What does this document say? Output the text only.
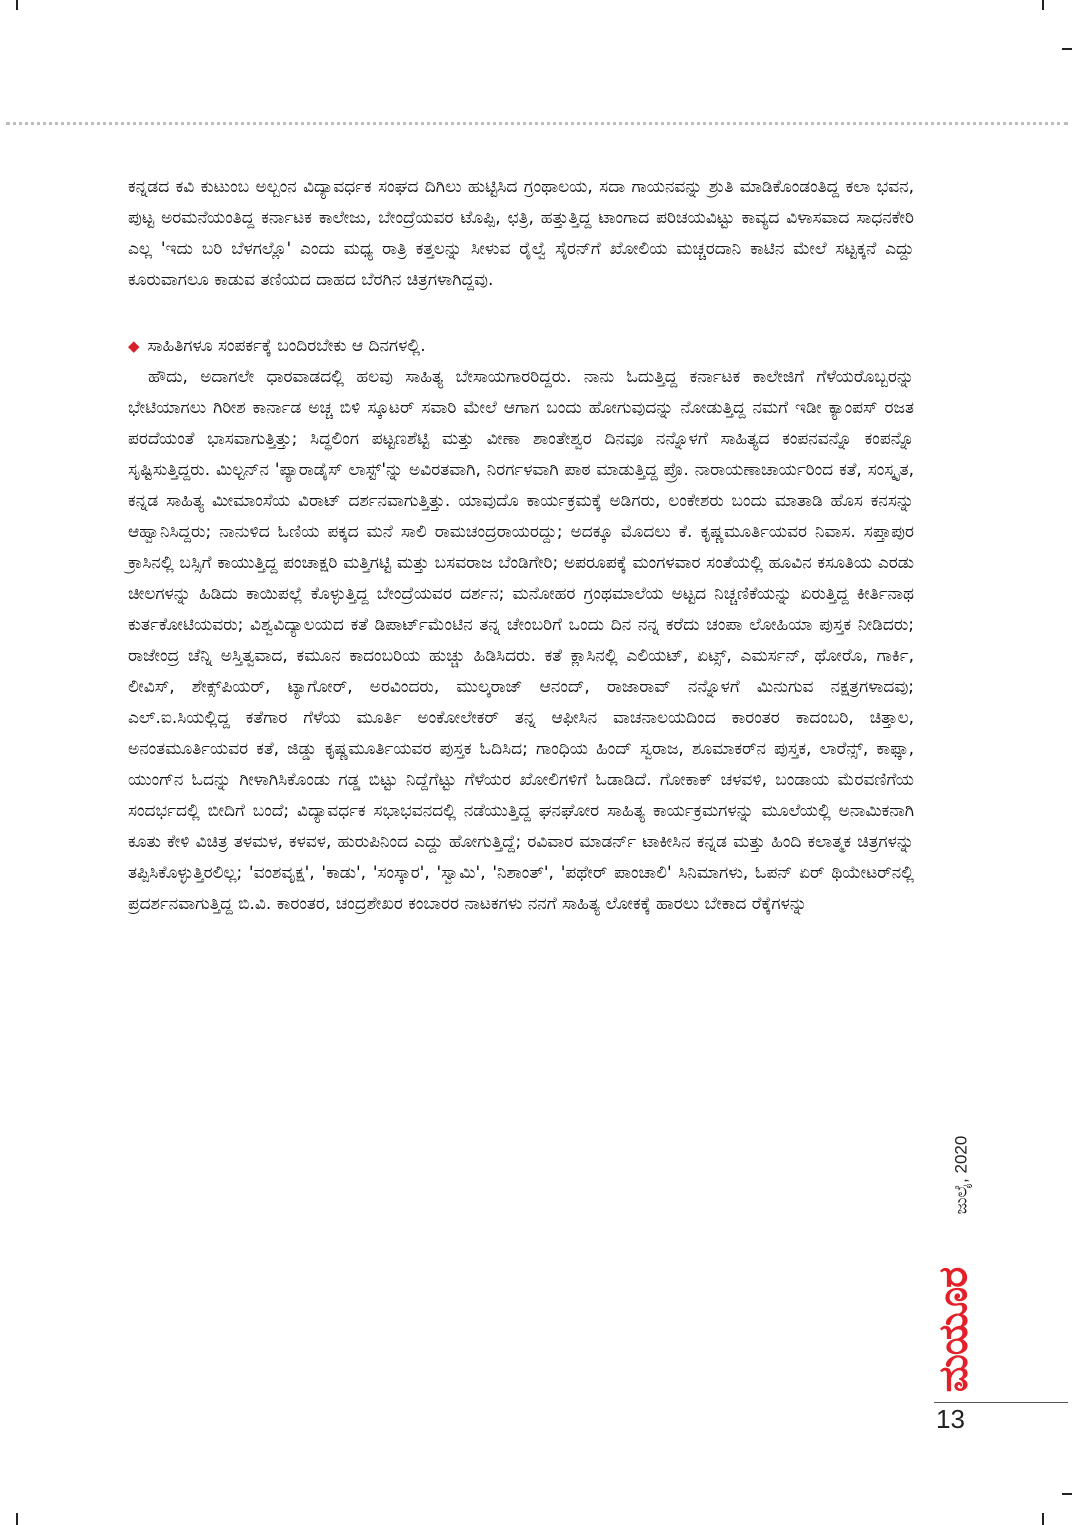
ಕನ್ನಡದ ಕವಿ ಕುಟುಂಬ ಅಲ್ಬಂನ ವಿದ್ಯಾವರ್ಧಕ ಸಂಘದ ದಿಗಿಲು ಹುಟ್ಟಿಸಿದ ಗ್ರಂಥಾಲಯ, ಸದಾ ಗಾಯನವನ್ನು ಶ್ರುತಿ ಮಾಡಿಕೊಂಡಂತಿದ್ದ ಕಲಾ ಭವನ, ಪುಟ್ಟ ಅರಮನೆಯಂತಿದ್ದ ಕರ್ನಾಟಕ ಕಾಲೇಜು, ಬೇಂದ್ರೆಯವರ ಟೊಪ್ಪಿ, ಛತ್ರಿ, ಹತ್ತುತ್ತಿದ್ದ ಟಾಂಗಾದ ಪರಿಚಯವಿಟ್ಟು ಕಾವ್ಯದ ವಿಳಾಸವಾದ ಸಾಧನಕೇರಿ ಎಲ್ಲ 'ಇದು ಬರಿ ಬೆಳಗಲ್ಲೊ' ಎಂದು ಮಧ್ಯ ರಾತ್ರಿ ಕತ್ತಲನ್ನು ಸೀಳುವ ರೈಲ್ವೆ ಸೈರನ್‌ಗೆ ಖೋಲಿಯ ಮಚ್ಚರದಾನಿ ಕಾಟಿನ ಮೇಲೆ ಸಟ್ಟಕ್ಕನೆ ಎದ್ದು ಕೂರುವಾಗಲೂ ಕಾಡುವ ತಣಿಯದ ದಾಹದ ಬೆರಗಿನ ಚಿತ್ರಗಳಾಗಿದ್ದವು.

◆ ಸಾಹಿತಿಗಳೂ ಸಂಪರ್ಕಕ್ಕೆ ಬಂದಿರಬೇಕು ಆ ದಿನಗಳಲ್ಲಿ.

ಹೌದು, ಅದಾಗಲೇ ಧಾರವಾಡದಲ್ಲಿ ಹಲವು ಸಾಹಿತ್ಯ ಬೇಸಾಯಗಾರರಿದ್ದರು. ನಾನು ಓದುತ್ತಿದ್ದ ಕರ್ನಾಟಕ ಕಾಲೇಜಿಗೆ ಗೆಳೆಯರೊಬ್ಬರನ್ನು ಭೇಟಿಯಾಗಲು ಗಿರೀಶ ಕಾರ್ನಾಡ ಅಚ್ಚ ಬಿಳಿ ಸ್ಕೂಟರ್ ಸವಾರಿ ಮೇಲೆ ಆಗಾಗ ಬಂದು ಹೋಗುವುದನ್ನು ನೋಡುತ್ತಿದ್ದ ನಮಗೆ ಇಡೀ ಕ್ಯಾಂಪಸ್ ರಜತ ಪರದೆಯಂತೆ ಭಾಸವಾಗುತ್ತಿತ್ತು; ಸಿದ್ಧಲಿಂಗ ಪಟ್ಟಣಶೆಟ್ಟಿ ಮತ್ತು ವೀಣಾ ಶಾಂತೇಶ್ವರ ದಿನವೂ ನನ್ನೊಳಗೆ ಸಾಹಿತ್ಯದ ಕಂಪನವನ್ನೊ ಕಂಪನ್ನೊ ಸೃಷ್ಟಿಸುತ್ತಿದ್ದರು. ಮಿಲ್ಟನ್‌ನ 'ಪ್ಯಾರಾಡೈಸ್ ಲಾಸ್ಟ್'ನ್ನು ಅವಿರತವಾಗಿ, ನಿರರ್ಗಳವಾಗಿ ಪಾಠ ಮಾಡುತ್ತಿದ್ದ ಪ್ರೊ. ನಾರಾಯಣಾಚಾರ್ಯರಿಂದ ಕತೆ, ಸಂಸ್ಕೃತ, ಕನ್ನಡ ಸಾಹಿತ್ಯ ಮೀಮಾಂಸೆಯ ವಿರಾಟ್ ದರ್ಶನವಾಗುತ್ತಿತ್ತು. ಯಾವುದೊ ಕಾರ್ಯಕ್ರಮಕ್ಕೆ ಅಡಿಗರು, ಲಂಕೇಶರು ಬಂದು ಮಾತಾಡಿ ಹೊಸ ಕನಸನ್ನು ಆಹ್ವಾನಿಸಿದ್ದರು; ನಾನುಳಿದ ಓಣಿಯ ಪಕ್ಕದ ಮನೆ ಸಾಲಿ ರಾಮಚಂದ್ರರಾಯರದ್ದು; ಅದಕ್ಕೂ ಮೊದಲು ಕೆ. ಕೃಷ್ಣಮೂರ್ತಿಯವರ ನಿವಾಸ. ಸಪ್ತಾಪುರ ಕ್ರಾಸಿನಲ್ಲಿ ಬಸ್ಸಿಗೆ ಕಾಯುತ್ತಿದ್ದ ಪಂಚಾಕ್ಷರಿ ಮತ್ತಿಗಟ್ಟಿ ಮತ್ತು ಬಸವರಾಜ ಬೆಂಡಿಗೇರಿ; ಅಪರೂಪಕ್ಕೆ ಮಂಗಳವಾರ ಸಂತೆಯಲ್ಲಿ ಹೂವಿನ ಕಸೂತಿಯ ಎರಡು ಚೀಲಗಳನ್ನು ಹಿಡಿದು ಕಾಯಿಪಲ್ಲೆ ಕೊಳ್ಳುತ್ತಿದ್ದ ಬೇಂದ್ರೆಯವರ ದರ್ಶನ; ಮನೋಹರ ಗ್ರಂಥಮಾಲೆಯ ಅಟ್ಟದ ನಿಚ್ಚಣಿಕೆಯನ್ನು ಏರುತ್ತಿದ್ದ ಕೀರ್ತಿನಾಥ ಕುರ್ತಕೋಟಿಯವರು; ವಿಶ್ವವಿದ್ಯಾಲಯದ ಕತೆ ಡಿಪಾರ್ಟ್‌ಮೆಂಟಿನ ತನ್ನ ಚೇಂಬರಿಗೆ ಒಂದು ದಿನ ನನ್ನ ಕರೆದು ಚಂಪಾ ಲೋಹಿಯಾ ಪುಸ್ತಕ ನೀಡಿದರು; ರಾಜೇಂದ್ರ ಚೆನ್ನಿ ಅಸ್ತಿತ್ವವಾದ, ಕಮೂನ ಕಾದಂಬರಿಯ ಹುಚ್ಚು ಹಿಡಿಸಿದರು. ಕತೆ ಕ್ಲಾಸಿನಲ್ಲಿ ಎಲಿಯಟ್, ಏಟ್ಸ್, ಎಮರ್ಸನ್, ಥೋರೊ, ಗಾರ್ಕಿ, ಲೀವಿಸ್, ಶೇಕ್ಸ್‌ಪಿಯರ್, ಟ್ಯಾಗೋರ್, ಅರವಿಂದರು, ಮುಲ್ಕರಾಜ್ ಆನಂದ್, ರಾಜಾರಾವ್ ನನ್ನೊಳಗೆ ಮಿನುಗುವ ನಕ್ಷತ್ರಗಳಾದವು; ಎಲ್.ಐ.ಸಿಯಲ್ಲಿದ್ದ ಕತೆಗಾರ ಗೆಳೆಯ ಮೂರ್ತಿ ಅಂಕೋಲೇಕರ್ ತನ್ನ ಆಫೀಸಿನ ವಾಚನಾಲಯದಿಂದ ಕಾರಂತರ ಕಾದಂಬರಿ, ಚಿತ್ತಾಲ, ಅನಂತಮೂರ್ತಿಯವರ ಕತೆ, ಜಿಡ್ಡು ಕೃಷ್ಣಮೂರ್ತಿಯವರ ಪುಸ್ತಕ ಓದಿಸಿದ; ಗಾಂಧಿಯ ಹಿಂದ್ ಸ್ವರಾಜ, ಶೂಮಾಕರ್‌ನ ಪುಸ್ತಕ, ಲಾರೆನ್ಸ್, ಕಾಫ್ಕಾ, ಯುಂಗ್‌ನ ಓದನ್ನು ಗೀಳಾಗಿಸಿಕೊಂಡು ಗಡ್ಡ ಬಿಟ್ಟು ನಿದ್ದೆಗೆಟ್ಟು ಗೆಳೆಯರ ಖೋಲಿಗಳಿಗೆ ಓಡಾಡಿದೆ. ಗೋಕಾಕ್ ಚಳವಳಿ, ಬಂಡಾಯ ಮೆರವಣಿಗೆಯ ಸಂದರ್ಭದಲ್ಲಿ ಬೀದಿಗೆ ಬಂದೆ; ವಿದ್ಯಾವರ್ಧಕ ಸಭಾಭವನದಲ್ಲಿ ನಡೆಯುತ್ತಿದ್ದ ಘನಘೋರ ಸಾಹಿತ್ಯ ಕಾರ್ಯಕ್ರಮಗಳನ್ನು ಮೂಲೆಯಲ್ಲಿ ಅನಾಮಿಕನಾಗಿ ಕೂತು ಕೇಳಿ ವಿಚಿತ್ರ ತಳಮಳ, ಕಳವಳ, ಹುರುಪಿನಿಂದ ಎದ್ದು ಹೋಗುತ್ತಿದ್ದೆ; ರವಿವಾರ ಮಾಡರ್ನ್ ಟಾಕೀಸಿನ ಕನ್ನಡ ಮತ್ತು ಹಿಂದಿ ಕಲಾತ್ಮಕ ಚಿತ್ರಗಳನ್ನು ತಪ್ಪಿಸಿಕೊಳ್ಳುತ್ತಿರಲಿಲ್ಲ; 'ವಂಶವೃಕ್ಷ', 'ಕಾಡು', 'ಸಂಸ್ಕಾರ', 'ಸ್ವಾಮಿ', 'ನಿಶಾಂತ್', 'ಪಥೇರ್ ಪಾಂಚಾಲಿ' ಸಿನಿಮಾಗಳು, ಓಪನ್ ಏರ್ ಥಿಯೇಟರ್‌ನಲ್ಲಿ ಪ್ರದರ್ಶನವಾಗುತ್ತಿದ್ದ ಬಿ.ವಿ. ಕಾರಂತರ, ಚಂದ್ರಶೇಖರ ಕಂಬಾರರ ನಾಟಕಗಳು ನನಗೆ ಸಾಹಿತ್ಯ ಲೋಕಕ್ಕೆ ಹಾರಲು ಬೇಕಾದ ರೆಕ್ಕೆಗಳನ್ನು

ಜುಲೈ, 2020
ಮಯೂರ
13
